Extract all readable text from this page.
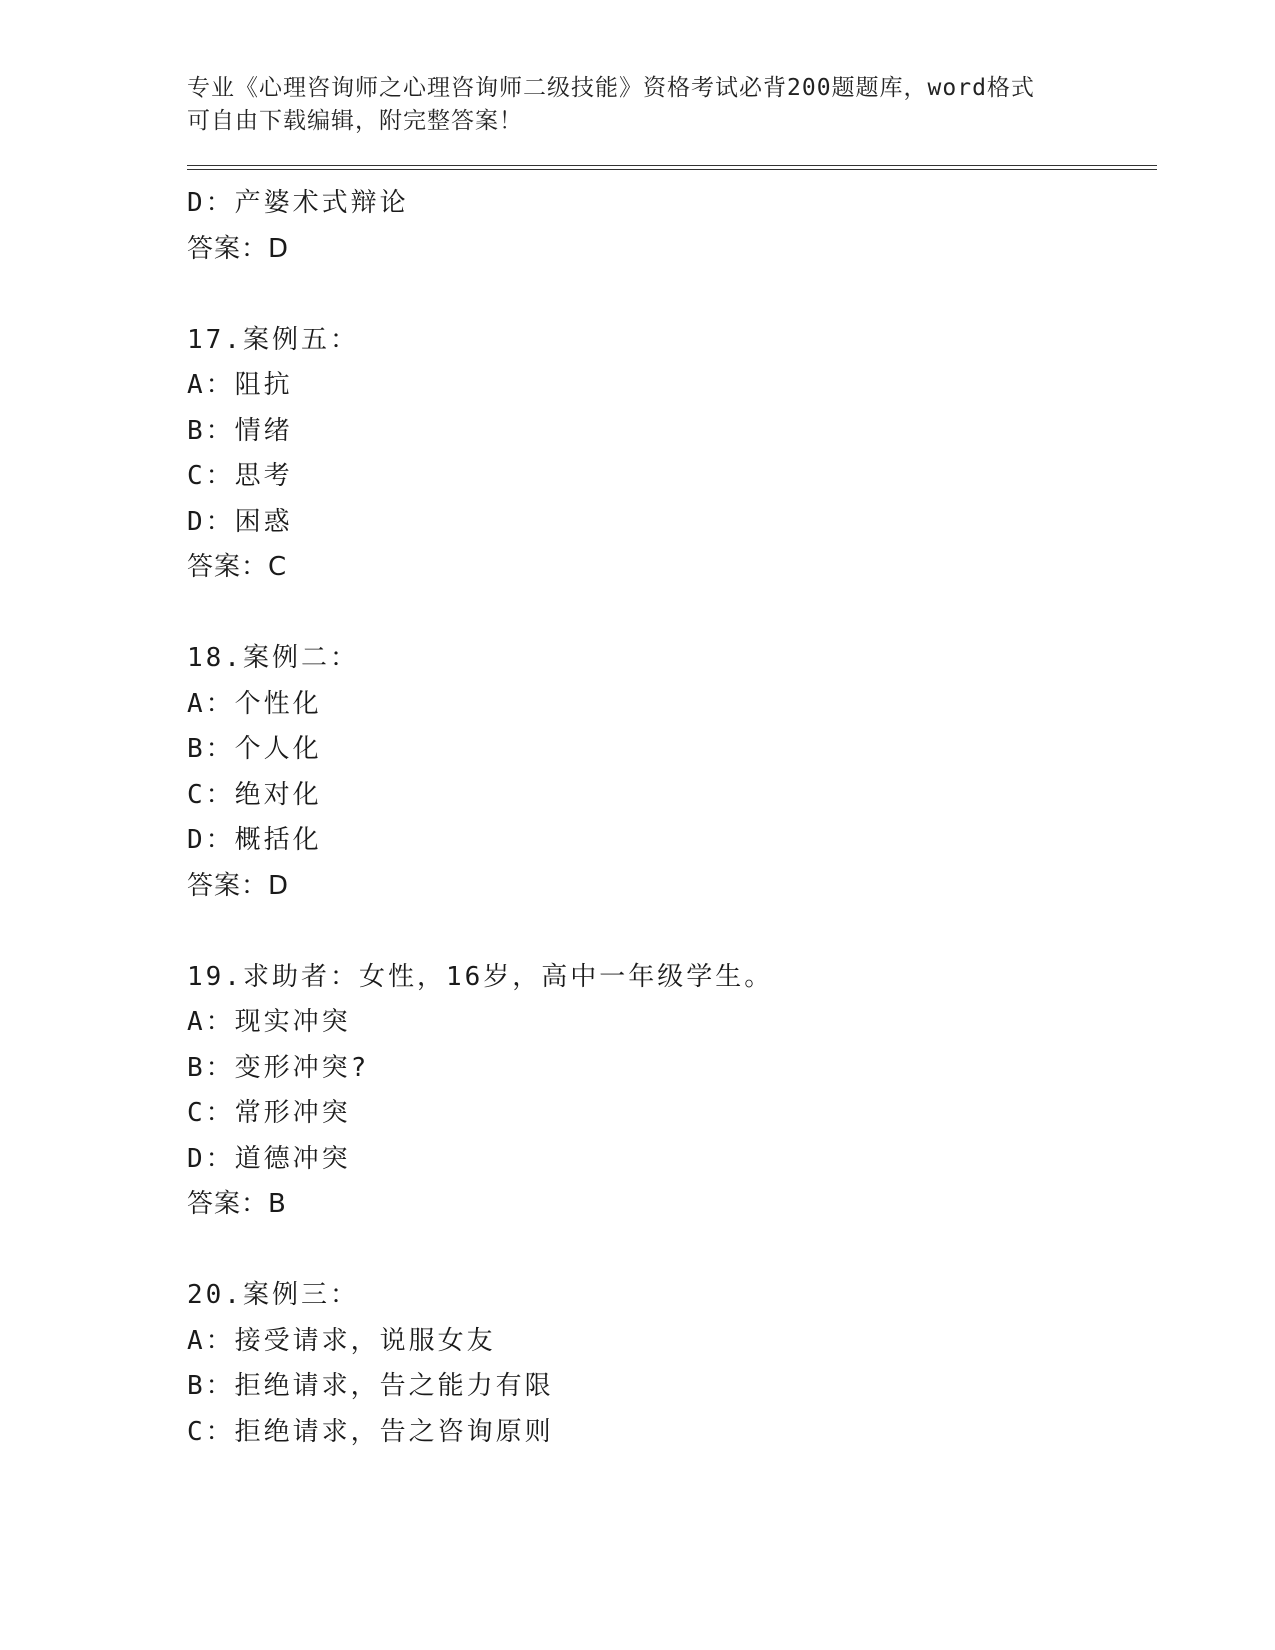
专业《心理咨询师之心理咨询师二级技能》资格考试必背200题题库，word格式
可自由下载编辑，附完整答案！
D：产婆术式辩论
答案：D
17.案例五：
A：阻抗
B：情绪
C：思考
D：困惑
答案：C
18.案例二：
A：个性化
B：个人化
C：绝对化
D：概括化
答案：D
19.求助者：女性，16岁，高中一年级学生。
A：现实冲突
B：变形冲突?
C：常形冲突
D：道德冲突
答案：B
20.案例三：
A：接受请求，说服女友
B：拒绝请求，告之能力有限
C：拒绝请求，告之咨询原则
